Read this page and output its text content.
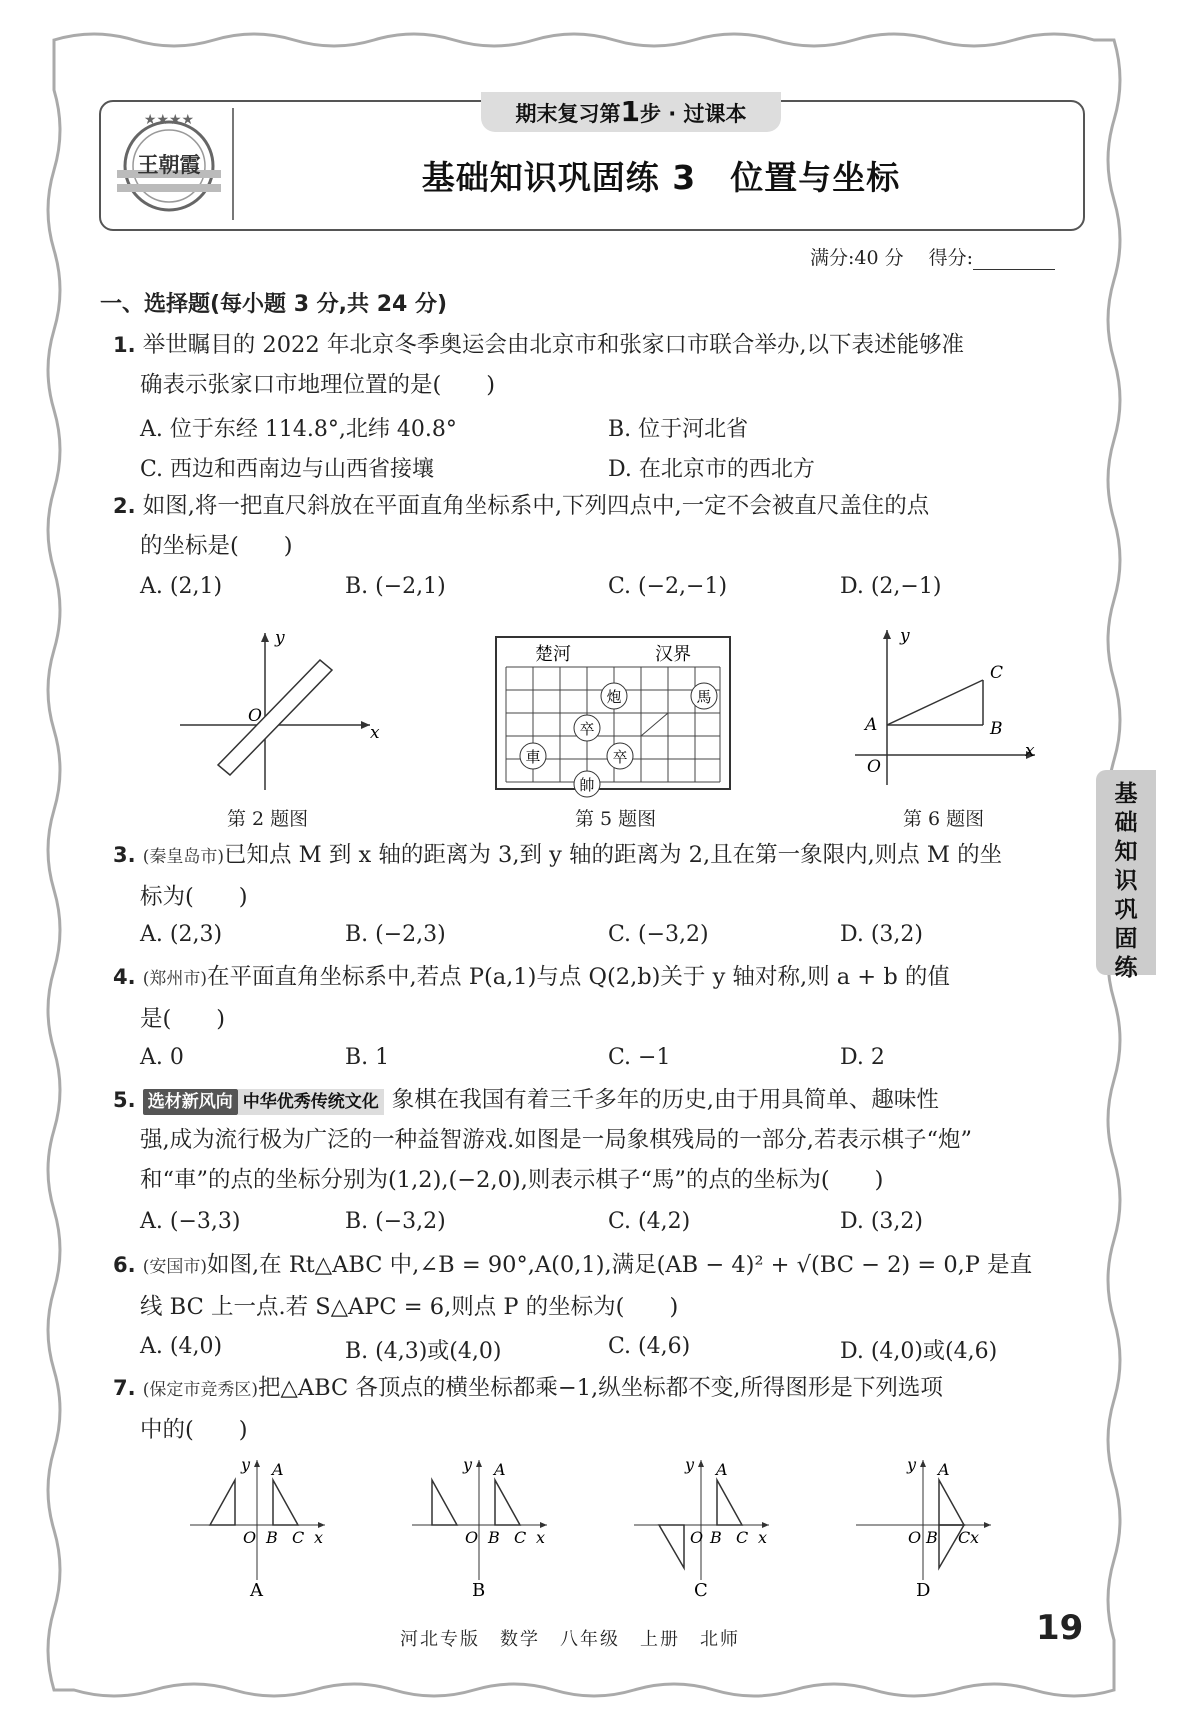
★★★★
王朝霞
期末复习第1步 · 过课本
基础知识巩固练 3　位置与坐标
满分:40 分　 得分:
一、选择题(每小题 3 分,共 24 分)
1. 举世瞩目的 2022 年北京冬季奥运会由北京市和张家口市联合举办,以下表述能够准
确表示张家口市地理位置的是(　　)
A. 位于东经 114.8°,北纬 40.8°	B. 位于河北省
C. 西边和西南边与山西省接壤	D. 在北京市的西北方
2. 如图,将一把直尺斜放在平面直角坐标系中,下列四点中,一定不会被直尺盖住的点
的坐标是(　　)
A. (2,1)	B. (−2,1)	C. (−2,−1)	D. (2,−1)
y
x
O
第 2 题图
楚河	汉界
炮	馬
卒
車	卒
帥
第 5 题图
y
x
O
A	B
C
第 6 题图
3. (秦皇岛市)已知点 M 到 x 轴的距离为 3,到 y 轴的距离为 2,且在第一象限内,则点 M 的坐
标为(　　)
A. (2,3)	B. (−2,3)	C. (−3,2)	D. (3,2)
4. (郑州市)在平面直角坐标系中,若点 P(a,1)与点 Q(2,b)关于 y 轴对称,则 a + b 的值
是(　　)
A. 0	B. 1	C. −1	D. 2
5. 选材新风向 中华优秀传统文化 象棋在我国有着三千多年的历史,由于用具简单、趣味性
强,成为流行极为广泛的一种益智游戏.如图是一局象棋残局的一部分,若表示棋子“炮”
和“車”的点的坐标分别为(1,2),(−2,0),则表示棋子“馬”的点的坐标为(　　)
A. (−3,3)	B. (−3,2)	C. (4,2)	D. (3,2)
6. (安国市)如图,在 Rt△ABC 中,∠B = 90°,A(0,1),满足(AB − 4)² + √(BC − 2) = 0,P 是直
线 BC 上一点.若 S△APC = 6,则点 P 的坐标为(　　)
A. (4,0)	B. (4,3)或(4,0)	C. (4,6)	D. (4,0)或(4,6)
7. (保定市竞秀区)把△ABC 各顶点的横坐标都乘−1,纵坐标都不变,所得图形是下列选项
中的(　　)
O B C x
y A
A
O B C x
y A
B
O B C x
y A
C
O B C x
y A
D
基
础
知
识
巩
固
练
河北专版　数学　八年级　上册　北师	19
